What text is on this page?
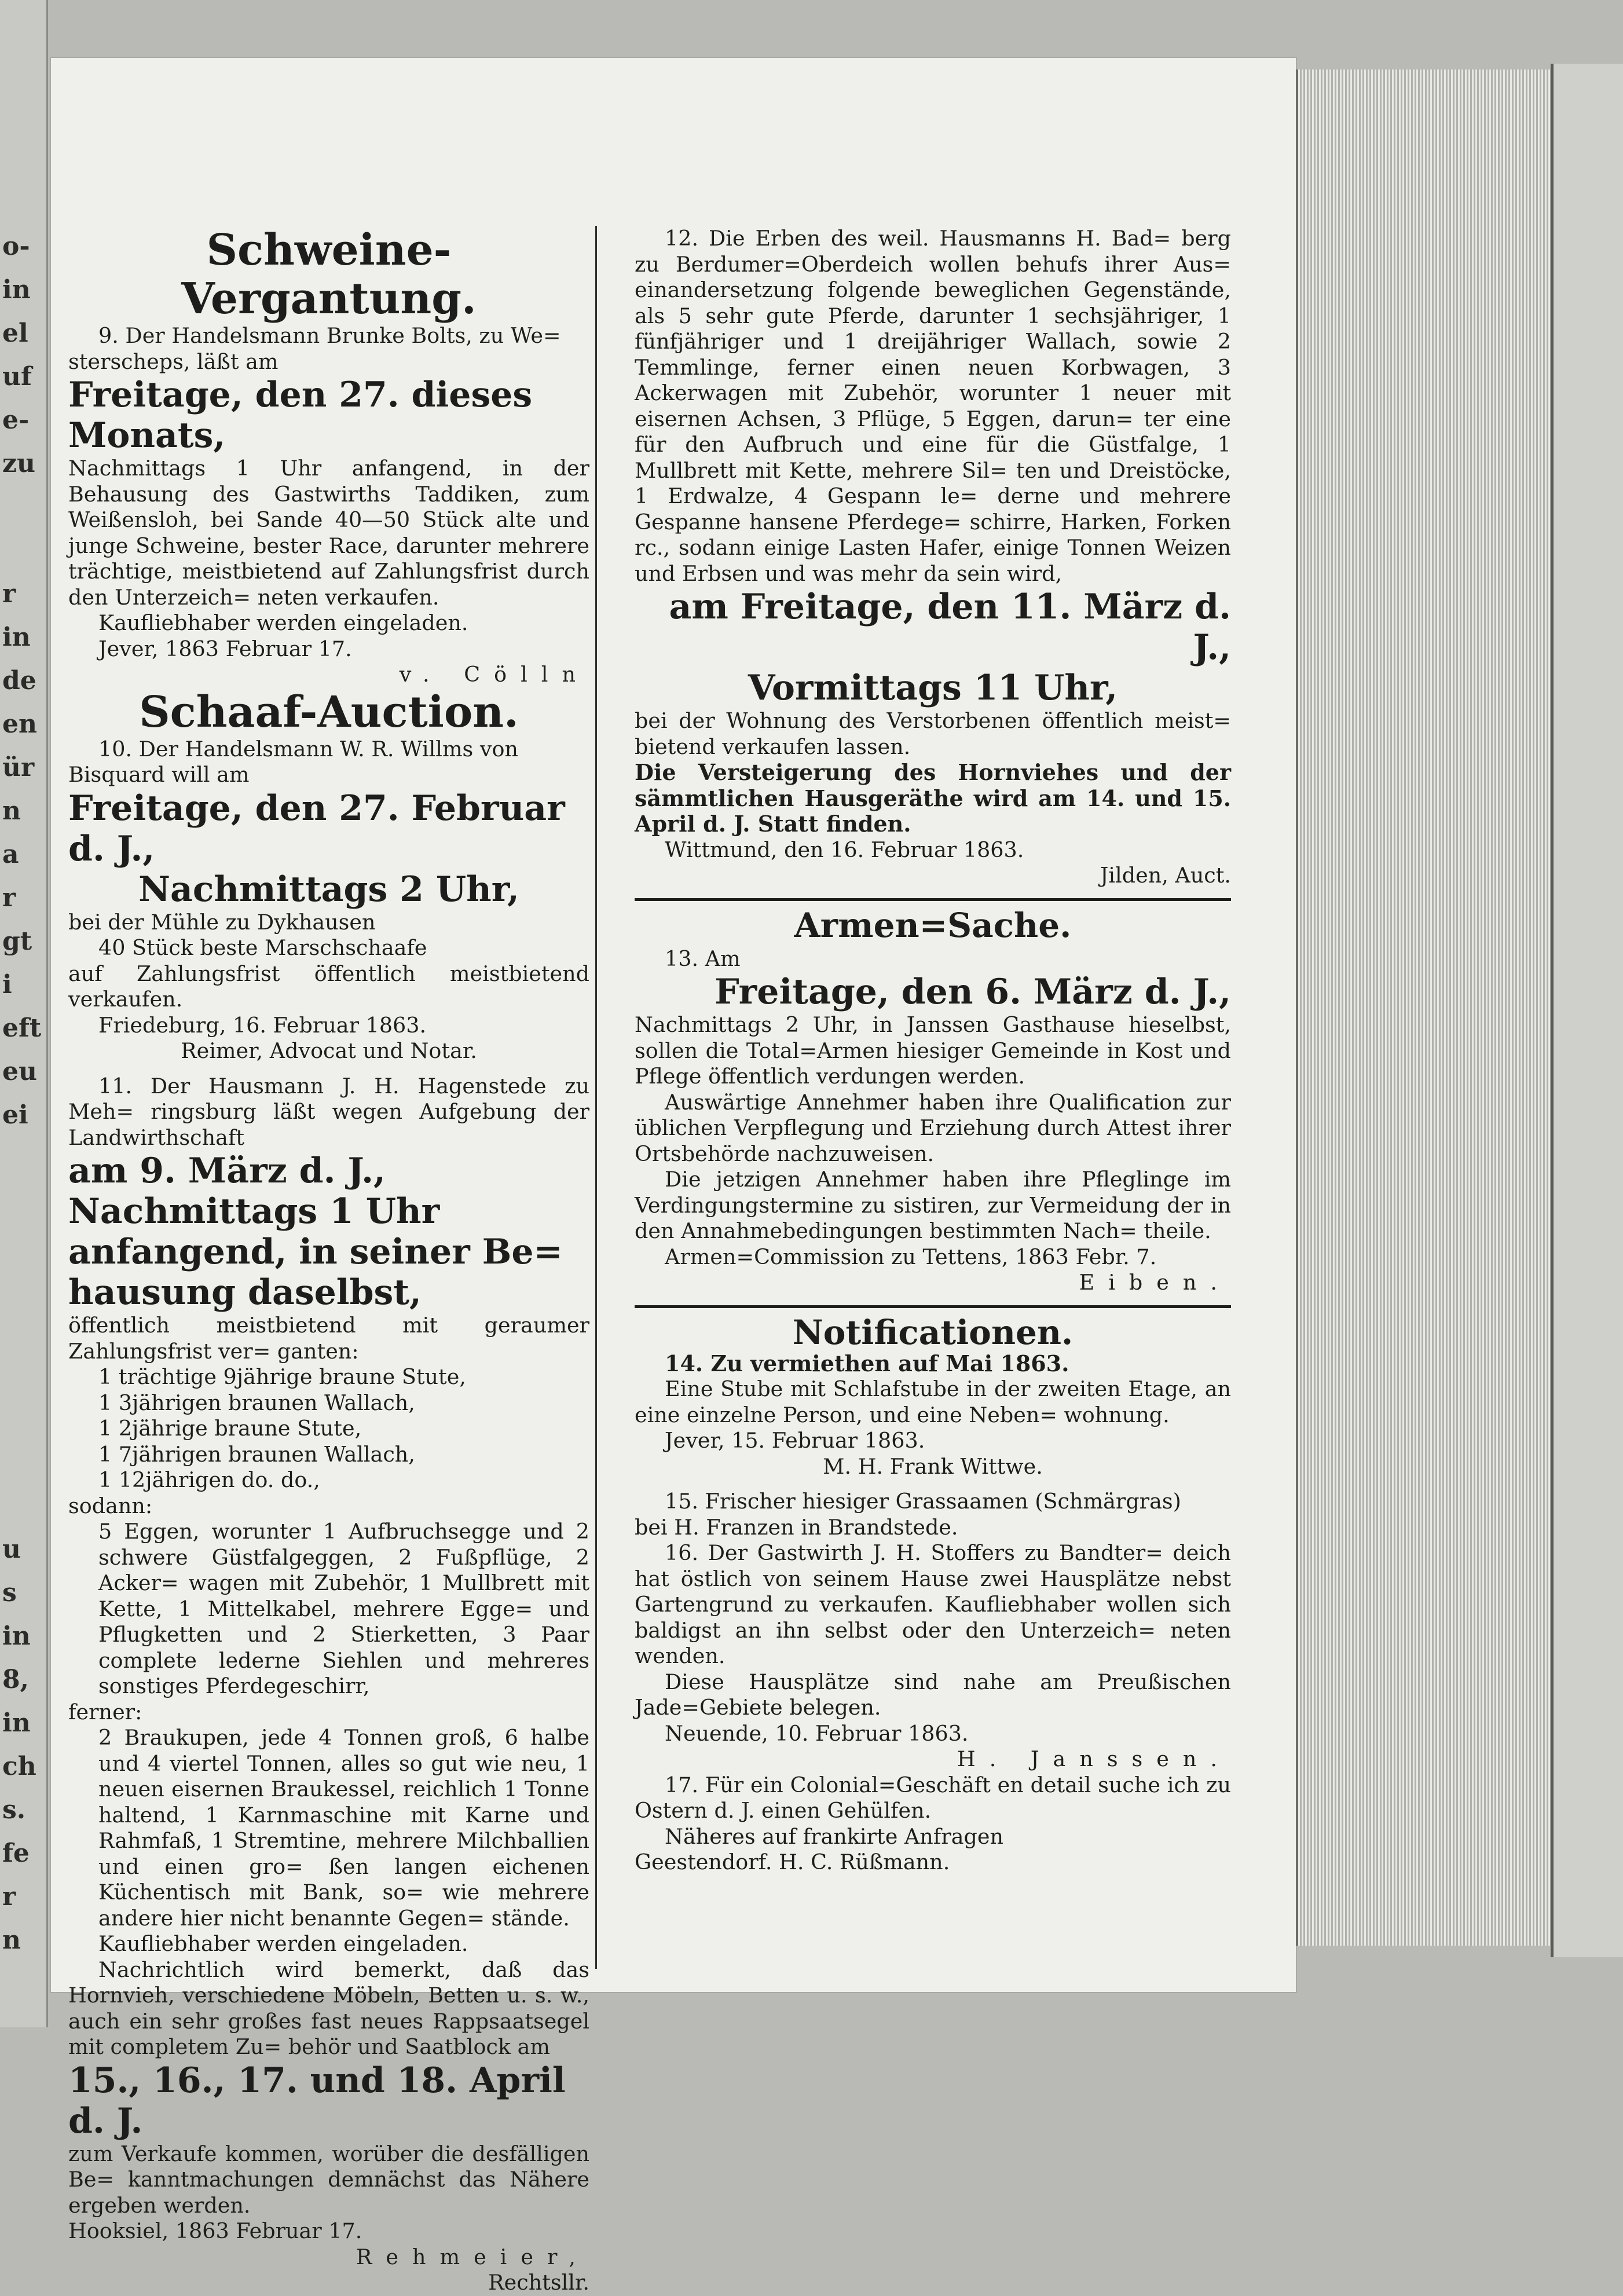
o-
in
el
uf
e-
zu
r
in
de
en
ür
n
a
r
gt
i
eft
eu
ei
u
s
in
8,
in
ch
s.
fe
r
n
Schweine-Vergantung.

9. Der Handelsmann Brunke Bolts, zu We=

sterscheps, läßt am

Freitage, den 27. dieses Monats,

Nachmittags 1 Uhr anfangend, in der Behausung des Gastwirths Taddiken, zum Weißensloh, bei Sande 40—50 Stück alte und junge Schweine, bester Race, darunter mehrere trächtige, meistbietend auf Zahlungsfrist durch den Unterzeich= neten verkaufen.

Kaufliebhaber werden eingeladen.

Jever, 1863 Februar 17.

v. Cölln

Schaaf-Auction.

10. Der Handelsmann W. R. Willms von

Bisquard will am

Freitage, den 27. Februar d. J.,
Nachmittags 2 Uhr,

bei der Mühle zu Dykhausen

40 Stück beste Marschschaafe

auf Zahlungsfrist öffentlich meistbietend verkaufen.

Friedeburg, 16. Februar 1863.

Reimer, Advocat und Notar.

11. Der Hausmann J. H. Hagenstede zu Meh= ringsburg läßt wegen Aufgebung der Landwirthschaft

am 9. März d. J., Nachmittags 1 Uhr anfangend, in seiner Be= hausung daselbst,

öffentlich meistbietend mit geraumer Zahlungsfrist ver= ganten:

1 trächtige 9jährige braune Stute,

1 3jährigen braunen Wallach,

1 2jährige braune Stute,

1 7jährigen braunen Wallach,

1 12jährigen do. do.,

sodann:

5 Eggen, worunter 1 Aufbruchsegge und 2 schwere Güstfalgeggen, 2 Fußpflüge, 2 Acker= wagen mit Zubehör, 1 Mullbrett mit Kette, 1 Mittelkabel, mehrere Egge= und Pflugketten und 2 Stierketten, 3 Paar complete lederne Siehlen und mehreres sonstiges Pferdegeschirr,

ferner:

2 Braukupen, jede 4 Tonnen groß, 6 halbe und 4 viertel Tonnen, alles so gut wie neu, 1 neuen eisernen Braukessel, reichlich 1 Tonne haltend, 1 Karnmaschine mit Karne und Rahmfaß, 1 Stremtine, mehrere Milchballien und einen gro= ßen langen eichenen Küchentisch mit Bank, so= wie mehrere andere hier nicht benannte Gegen= stände.

Kaufliebhaber werden eingeladen.

Nachrichtlich wird bemerkt, daß das Hornvieh, verschiedene Möbeln, Betten u. s. w., auch ein sehr großes fast neues Rappsaatsegel mit completem Zu= behör und Saatblock am

15., 16., 17. und 18. April d. J.

zum Verkaufe kommen, worüber die desfälligen Be= kanntmachungen demnächst das Nähere ergeben werden.

Hooksiel, 1863 Februar 17.

Rehmeier,

Rechtsllr.

12. Die Erben des weil. Hausmanns H. Bad= berg zu Berdumer=Oberdeich wollen behufs ihrer Aus= einandersetzung folgende beweglichen Gegenstände, als 5 sehr gute Pferde, darunter 1 sechsjähriger, 1 fünfjähriger und 1 dreijähriger Wallach, sowie 2 Temmlinge, ferner einen neuen Korbwagen, 3 Ackerwagen mit Zubehör, worunter 1 neuer mit eisernen Achsen, 3 Pflüge, 5 Eggen, darun= ter eine für den Aufbruch und eine für die Güstfalge, 1 Mullbrett mit Kette, mehrere Sil= ten und Dreistöcke, 1 Erdwalze, 4 Gespann le= derne und mehrere Gespanne hansene Pferdege= schirre, Harken, Forken rc., sodann einige Lasten Hafer, einige Tonnen Weizen und Erbsen und was mehr da sein wird,

am Freitage, den 11. März d. J.,
Vormittags 11 Uhr,

bei der Wohnung des Verstorbenen öffentlich meist= bietend verkaufen lassen.

Die Versteigerung des Hornviehes und der sämmtlichen Hausgeräthe wird am 14. und 15. April d. J. Statt finden.

Wittmund, den 16. Februar 1863.

Jilden, Auct.

Armen=Sache.

13. Am

Freitage, den 6. März d. J.,

Nachmittags 2 Uhr, in Janssen Gasthause hieselbst, sollen die Total=Armen hiesiger Gemeinde in Kost und Pflege öffentlich verdungen werden.

Auswärtige Annehmer haben ihre Qualification zur üblichen Verpflegung und Erziehung durch Attest ihrer Ortsbehörde nachzuweisen.

Die jetzigen Annehmer haben ihre Pfleglinge im Verdingungstermine zu sistiren, zur Vermeidung der in den Annahmebedingungen bestimmten Nach= theile.

Armen=Commission zu Tettens, 1863 Febr. 7.

Eiben.

Notificationen.

14. Zu vermiethen auf Mai 1863.

Eine Stube mit Schlafstube in der zweiten Etage, an eine einzelne Person, und eine Neben= wohnung.

Jever, 15. Februar 1863.

M. H. Frank Wittwe.

15. Frischer hiesiger Grassaamen (Schmärgras)

bei H. Franzen in Brandstede.

16. Der Gastwirth J. H. Stoffers zu Bandter= deich hat östlich von seinem Hause zwei Hausplätze nebst Gartengrund zu verkaufen. Kaufliebhaber wollen sich baldigst an ihn selbst oder den Unterzeich= neten wenden.

Diese Hausplätze sind nahe am Preußischen Jade=Gebiete belegen.

Neuende, 10. Februar 1863.

H. Janssen.

17. Für ein Colonial=Geschäft en detail suche ich zu Ostern d. J. einen Gehülfen.

Näheres auf frankirte Anfragen

Geestendorf. H. C. Rüßmann.
